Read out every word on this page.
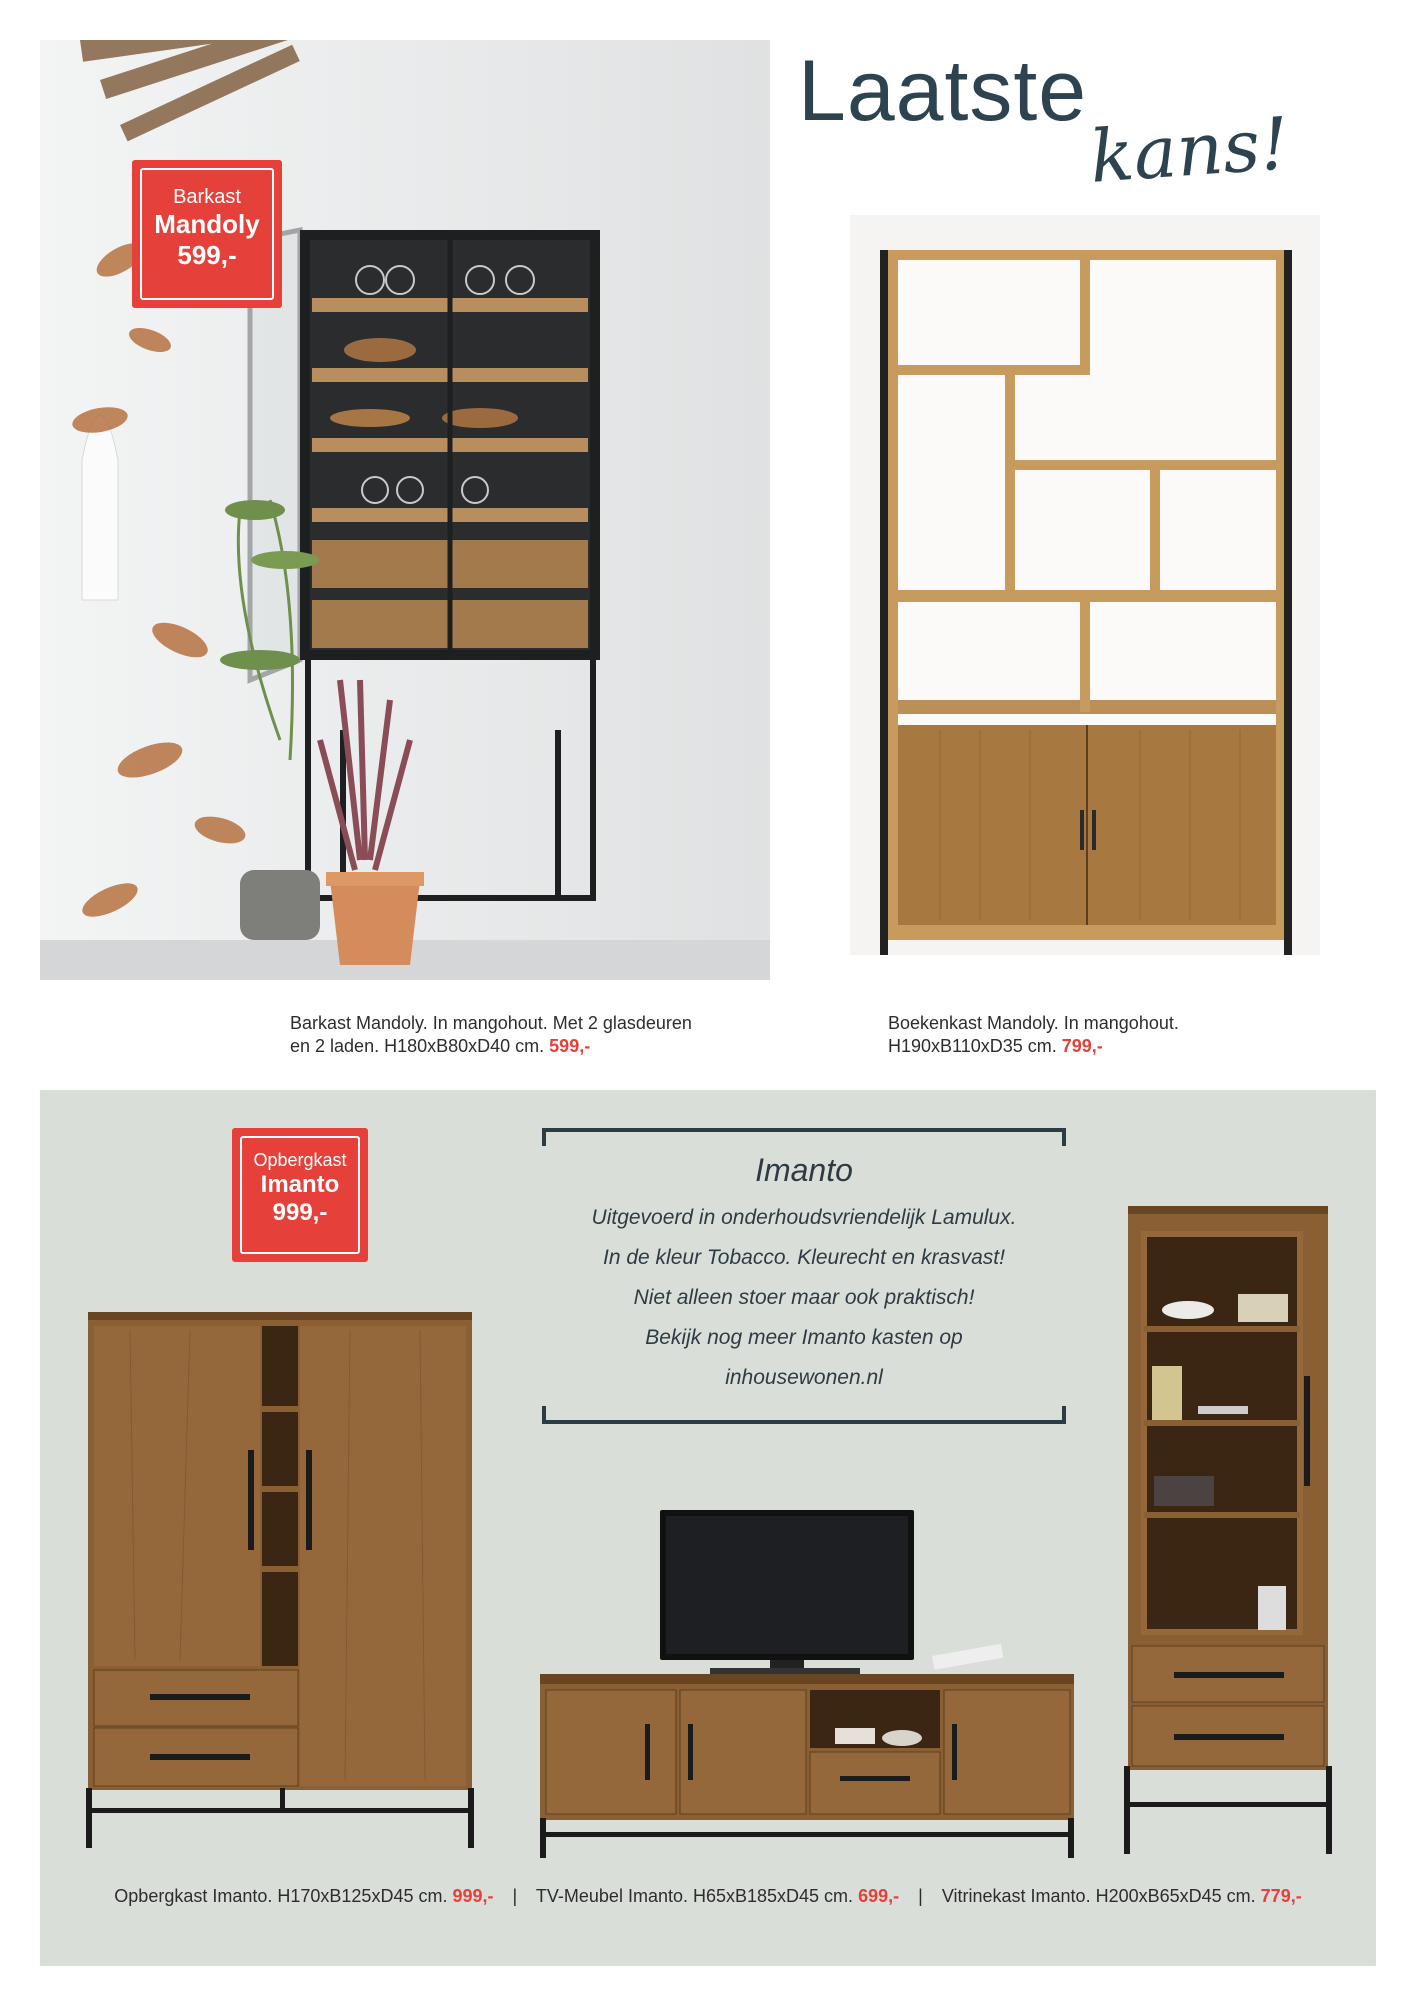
Barkast
Mandoly
599,-
Laatste
kans!
Barkast Mandoly. In mangohout. Met 2 glasdeuren
en 2 laden. H180xB80xD40 cm. 599,-
Boekenkast Mandoly. In mangohout.
H190xB110xD35 cm. 799,-
Opbergkast
Imanto
999,-
Imanto
Uitgevoerd in onderhoudsvriendelijk Lamulux.
In de kleur Tobacco. Kleurecht en krasvast!
Niet alleen stoer maar ook praktisch!
Bekijk nog meer Imanto kasten op
inhousewonen.nl
Opbergkast Imanto. H170xB125xD45 cm. 999,- | TV-Meubel Imanto. H65xB185xD45 cm. 699,- | Vitrinekast Imanto. H200xB65xD45 cm. 779,-
